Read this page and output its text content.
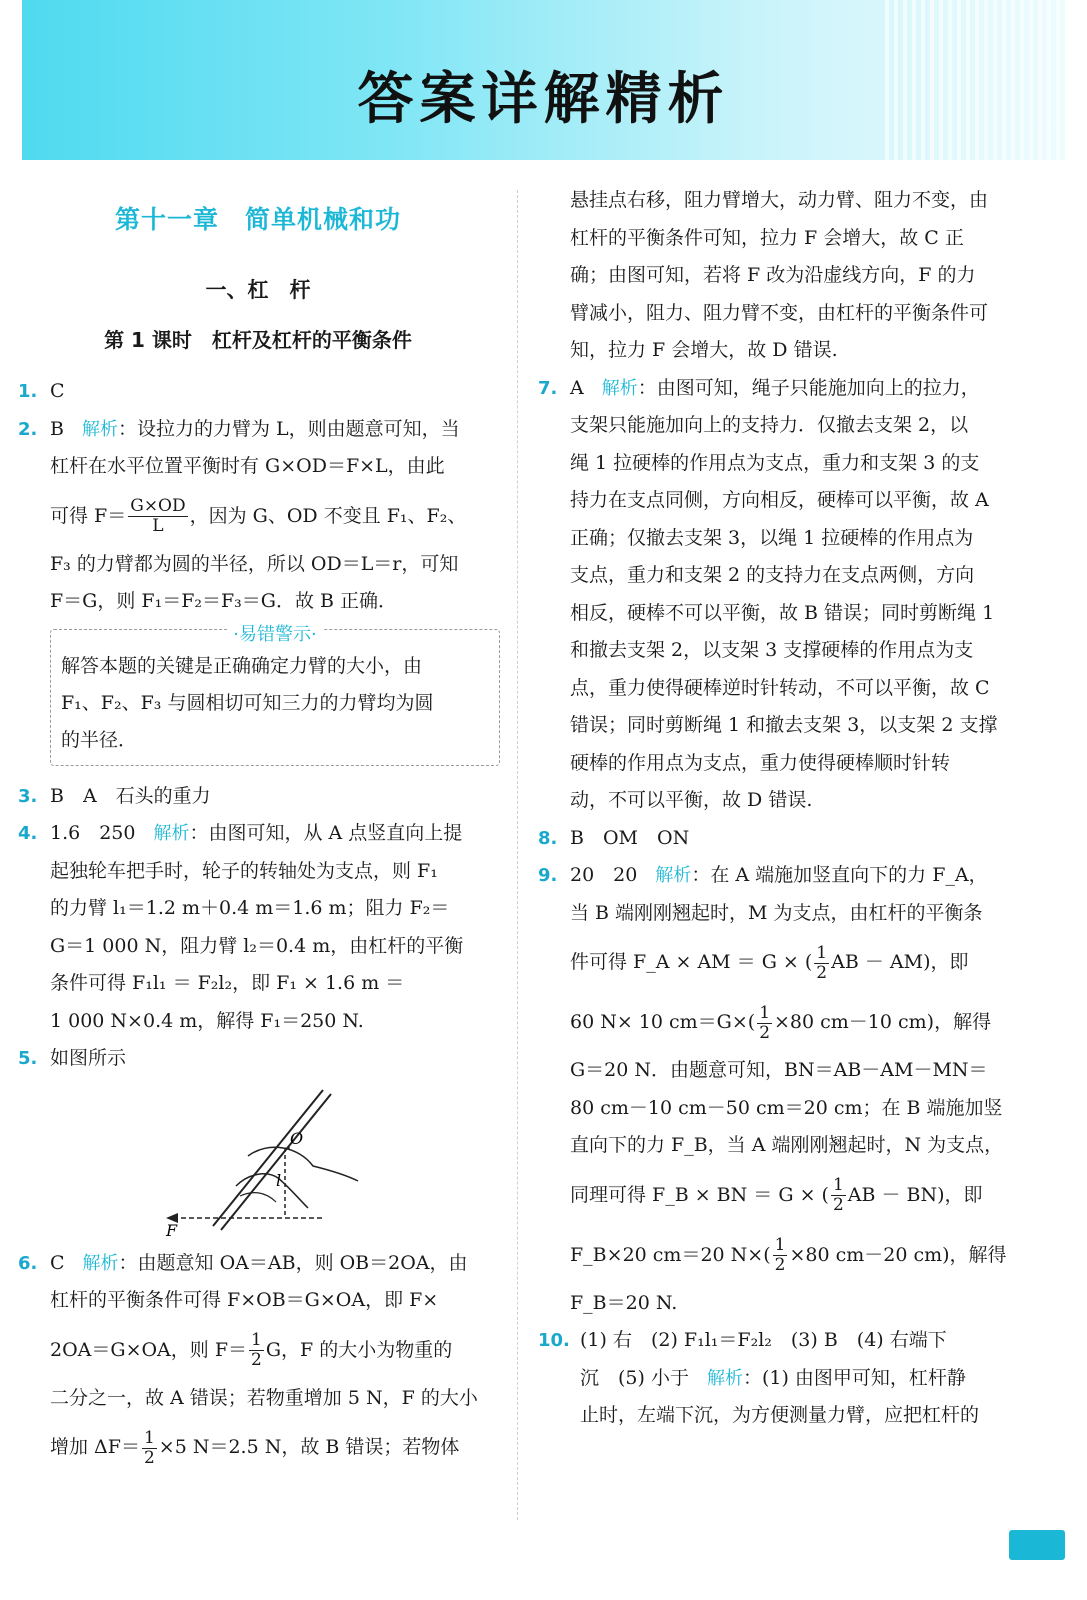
答案详解精析
第十一章　简单机械和功
一、杠　杆
第 1 课时　杠杆及杠杆的平衡条件
1. C
2. B 解析：设拉力的力臂为 L，则由题意可知，当
杠杆在水平位置平衡时有 G×OD＝F×L，由此
可得 $F= \frac{G\times OD}{L}$ ，因为 G、OD 不变且 F₁、F₂、
F₃ 的力臂都为圆的半径，所以 OD＝L＝r，可知
F＝G，则 F₁＝F₂＝F₃＝G．故 B 正确．
·易错警示·
解答本题的关键是正确确定力臂的大小，由
F₁、F₂、F₃ 与圆相切可知三力的力臂均为圆
的半径．
3. B　A　石头的重力
4. 1.6　250 解析：由图可知，从 A 点竖直向上提
起独轮车把手时，轮子的转轴处为支点，则 F₁
的力臂 l₁＝1.2 m＋0.4 m＝1.6 m；阻力 F₂＝
G＝1 000 N，阻力臂 l₂＝0.4 m，由杠杆的平衡
条件可得 F₁l₁ ＝ F₂l₂，即 F₁ × 1.6 m ＝
1 000 N×0.4 m，解得 F₁＝250 N.
5. 如图所示
O
l
F
6. C 解析：由题意知 OA＝AB，则 OB＝2OA，由
杠杆的平衡条件可得 F×OB＝G×OA，即 F×
2OA＝G×OA，则 $F= \frac{1}{2}$ G，F 的大小为物重的
二分之一，故 A 错误；若物重增加 5 N，F 的大小
增加 $\Delta F= \frac{1}{2} \times 5$ N＝2.5 N，故 B 错误；若物体
悬挂点右移，阻力臂增大，动力臂、阻力不变，由
杠杆的平衡条件可知，拉力 F 会增大，故 C 正
确；由图可知，若将 F 改为沿虚线方向，F 的力
臂减小，阻力、阻力臂不变，由杠杆的平衡条件可
知，拉力 F 会增大，故 D 错误.
7. A 解析：由图可知，绳子只能施加向上的拉力，
支架只能施加向上的支持力．仅撤去支架 2，以
绳 1 拉硬棒的作用点为支点，重力和支架 3 的支
持力在支点同侧，方向相反，硬棒可以平衡，故 A
正确；仅撤去支架 3，以绳 1 拉硬棒的作用点为
支点，重力和支架 2 的支持力在支点两侧，方向
相反，硬棒不可以平衡，故 B 错误；同时剪断绳 1
和撤去支架 2，以支架 3 支撑硬棒的作用点为支
点，重力使得硬棒逆时针转动，不可以平衡，故 C
错误；同时剪断绳 1 和撤去支架 3，以支架 2 支撑
硬棒的作用点为支点，重力使得硬棒顺时针转
动，不可以平衡，故 D 错误.
8. B　OM　ON
9. 20　20 解析：在 A 端施加竖直向下的力 F_A，
当 B 端刚刚翘起时，M 为支点，由杠杆的平衡条
件可得 F_A × AM ＝ G × ( $\frac{1}{2}$ AB － AM)，即
60 N× 10 $cm=G\times( \frac{1}{2} \times 80$ cm－10 cm)，解得
G＝20 N．由题意可知，BN＝AB－AM－MN＝
80 cm－10 cm－50 cm＝20 cm；在 B 端施加竖
直向下的力 F_B，当 A 端刚刚翘起时，N 为支点，
同理可得 F_B × BN ＝ G × ( $\frac{1}{2}$ AB － BN)，即
F_B×20 cm＝20 $N\times( \frac{1}{2} \times 80$ cm－20 cm)，解得
F_B＝20 N.
10. (1) 右　(2) F₁l₁＝F₂l₂　(3) B　(4) 右端下
沉　(5) 小于 解析：(1) 由图甲可知，杠杆静
止时，左端下沉，为方便测量力臂，应把杠杆的
